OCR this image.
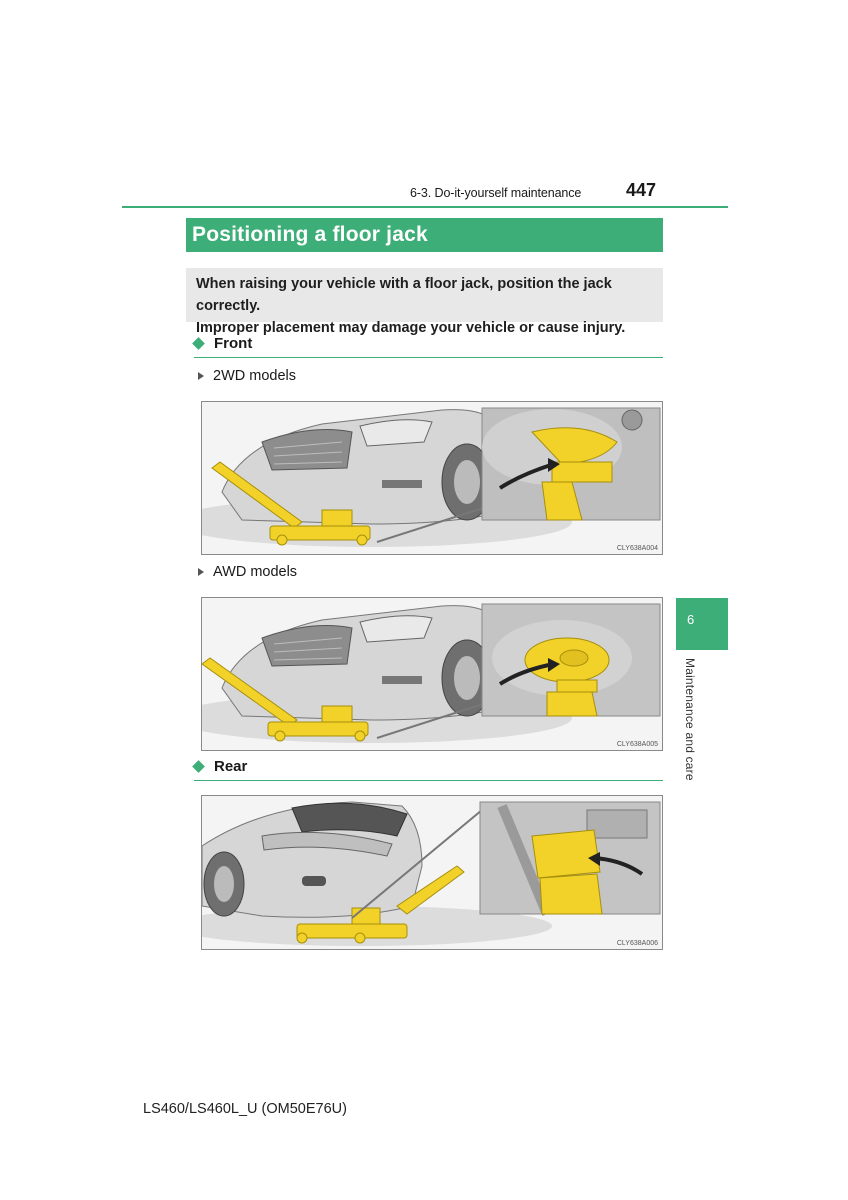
6-3. Do-it-yourself maintenance 447
Positioning a floor jack
When raising your vehicle with a floor jack, position the jack correctly.
Improper placement may damage your vehicle or cause injury.
Front
2WD models
CLY638A004
AWD models
CLY638A005
Rear
CLY638A006
6
Maintenance and care
LS460/LS460L_U (OM50E76U)
